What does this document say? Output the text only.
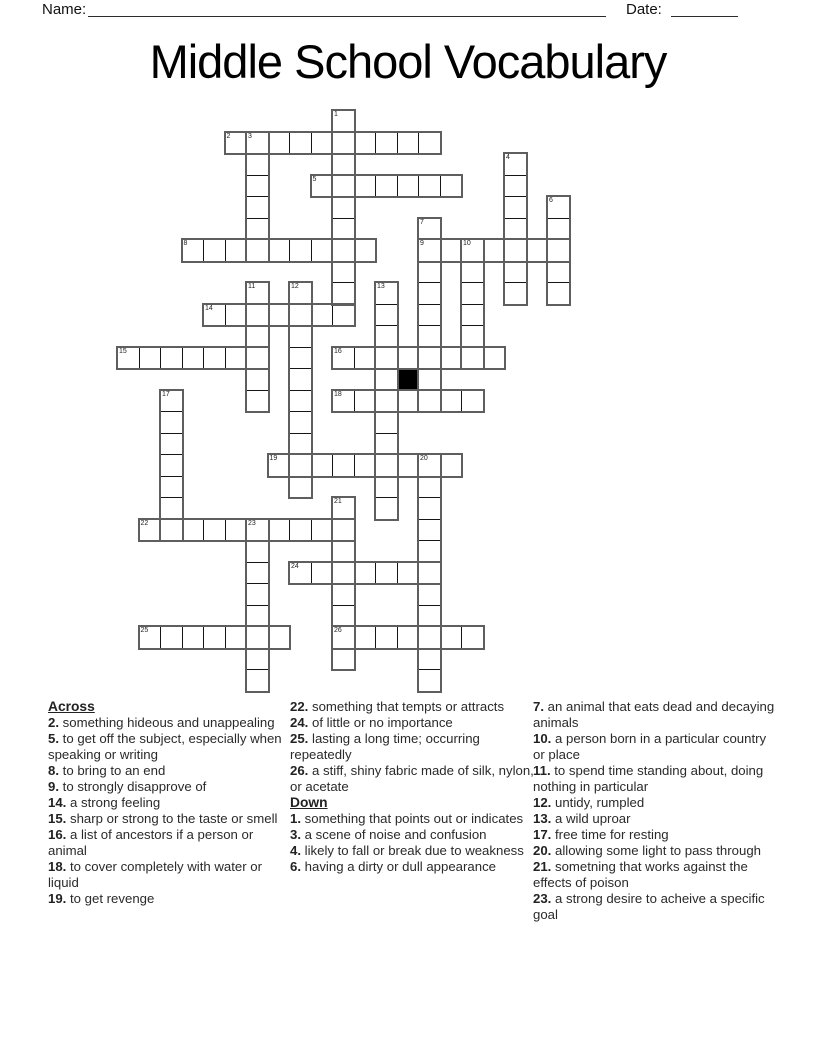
Name:	Date:
Middle School Vocabulary
1
2	3
4
5
6
7
8	9	10
11	12	13
14
15	16
17	18
19	20
21
22	23
24
25	26

Across

2. something hideous and unappealing

5. to get off the subject, especially when speaking or writing

8. to bring to an end

9. to strongly disapprove of

14. a strong feeling

15. sharp or strong to the taste or smell

16. a list of ancestors if a person or animal

18. to cover completely with water or liquid

19. to get revenge

22. something that tempts or attracts

24. of little or no importance

25. lasting a long time; occurring repeatedly

26. a stiff, shiny fabric made of silk, nylon, or acetate

Down

1. something that points out or indicates

3. a scene of noise and confusion

4. likely to fall or break due to weakness

6. having a dirty or dull appearance

7. an animal that eats dead and decaying animals

10. a person born in a particular country or place

11. to spend time standing about, doing nothing in particular

12. untidy, rumpled

13. a wild uproar

17. free time for resting

20. allowing some light to pass through

21. sometning that works against the effects of poison

23. a strong desire to acheive a specific goal
